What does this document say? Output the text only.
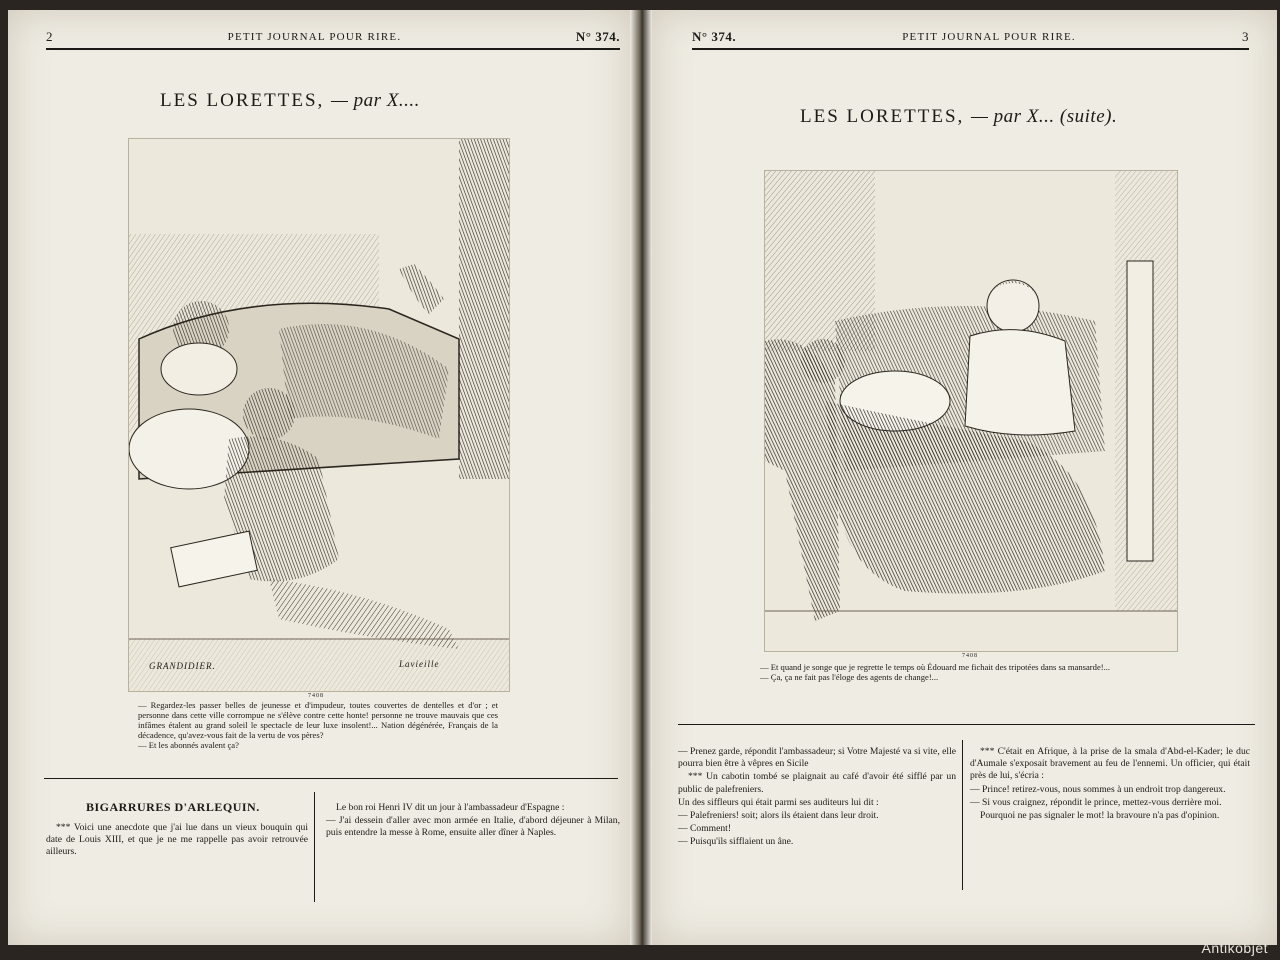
2	PETIT JOURNAL POUR RIRE.	N° 374.
LES LORETTES, — par X....
GRANDIDIER.	Lavieille
7408

— Regardez-les passer belles de jeunesse et d'impudeur, toutes couvertes de dentelles et d'or ; et personne dans cette ville corrompue ne s'élève contre cette honte! personne ne trouve mauvais que ces infâmes étalent au grand soleil le spectacle de leur luxe insolent!... Nation dégénérée, Français de la décadence, qu'avez-vous fait de la vertu de vos pères?

— Et les abonnés avalent ça?

BIGARRURES D'ARLEQUIN.

*** Voici une anecdote que j'ai lue dans un vieux bouquin qui date de Louis XIII, et que je ne me rappelle pas avoir retrouvée ailleurs.

Le bon roi Henri IV dit un jour à l'ambassadeur d'Espagne :

— J'ai dessein d'aller avec mon armée en Italie, d'abord déjeuner à Milan, puis entendre la messe à Rome, ensuite aller dîner à Naples.

N° 374.	PETIT JOURNAL POUR RIRE.	3
LES LORETTES, — par X... (suite).
7408

— Et quand je songe que je regrette le temps où Édouard me fichait des tripotées dans sa mansarde!...

— Ça, ça ne fait pas l'éloge des agents de change!...

— Prenez garde, répondit l'ambassadeur; si Votre Majesté va si vite, elle pourra bien être à vêpres en Sicile

*** Un cabotin tombé se plaignait au café d'avoir été sifflé par un public de palefreniers.

Un des siffleurs qui était parmi ses auditeurs lui dit :

— Palefreniers! soit; alors ils étaient dans leur droit.

— Comment!

— Puisqu'ils sifflaient un âne.

*** C'était en Afrique, à la prise de la smala d'Abd-el-Kader; le duc d'Aumale s'exposait bravement au feu de l'ennemi. Un officier, qui était près de lui, s'écria :

— Prince! retirez-vous, nous sommes à un endroit trop dangereux.

— Si vous craignez, répondit le prince, mettez-vous derrière moi.

Pourquoi ne pas signaler le mot! la bravoure n'a pas d'opinion.

Antikobjet
